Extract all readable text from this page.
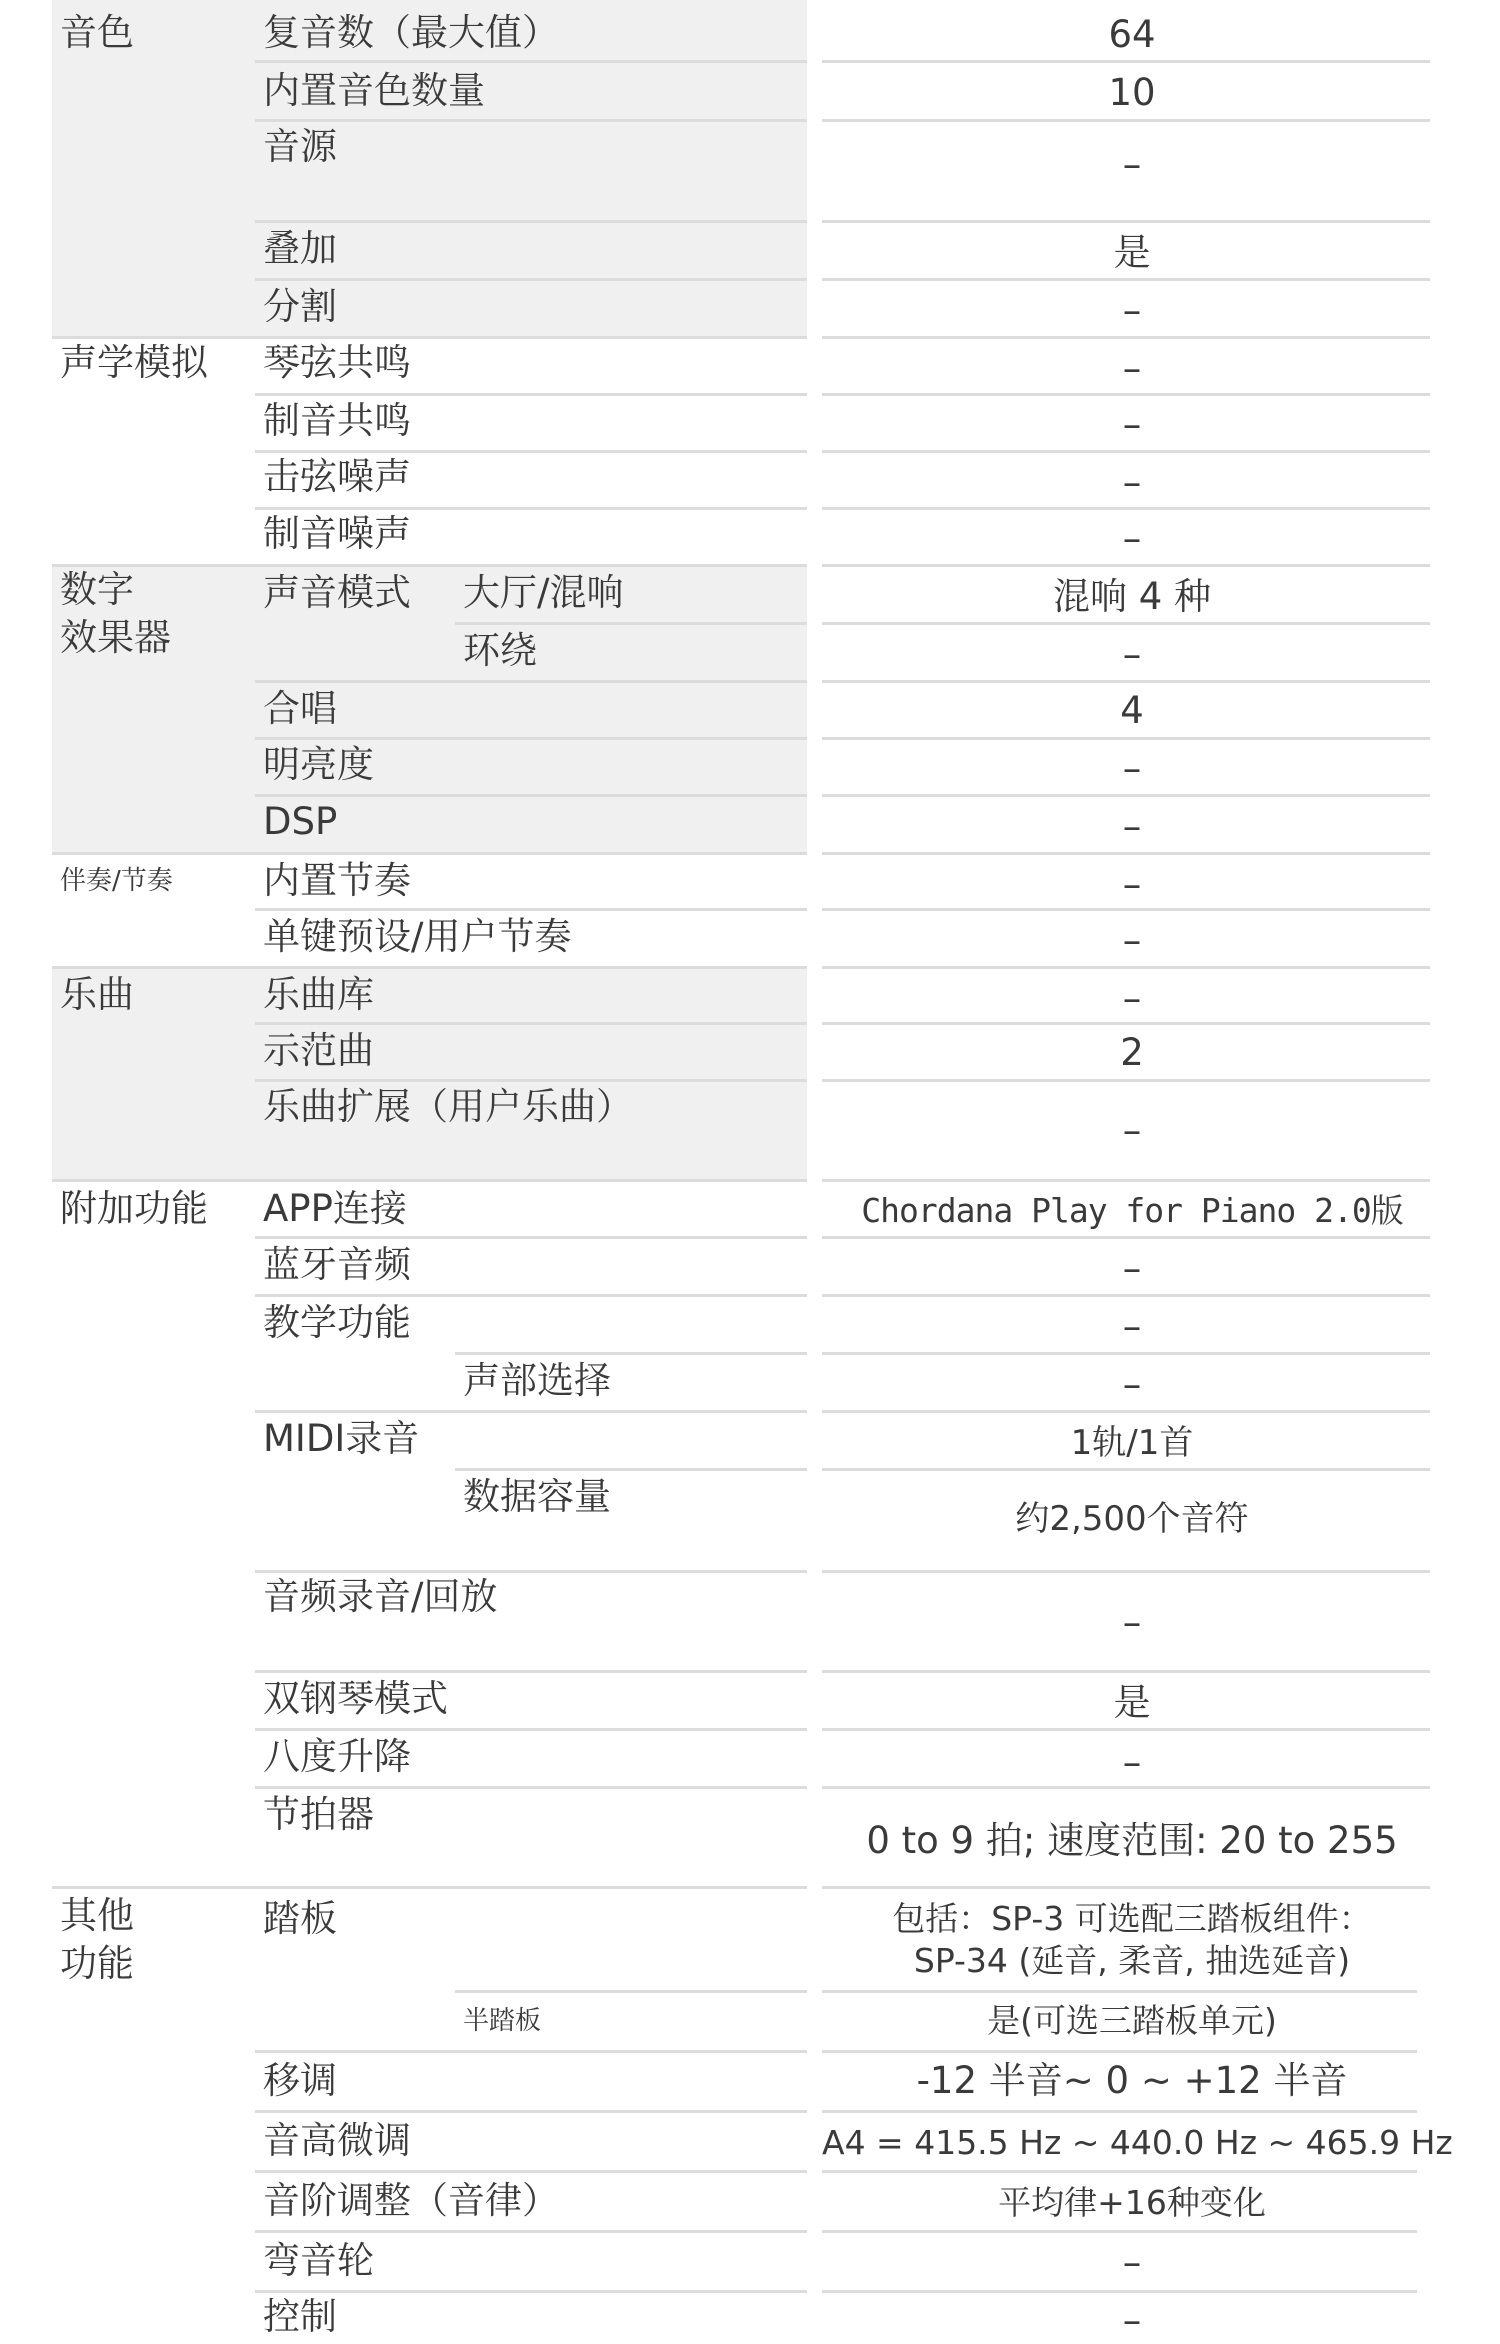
音色
声学模拟
数字
效果器
伴奏/节奏
乐曲
附加功能
其他
功能
复音数（最大值）
内置音色数量
音源
叠加
分割
琴弦共鸣
制音共鸣
击弦噪声
制音噪声
声音模式 大厅/混响
环绕
合唱
明亮度
DSP
内置节奏
单键预设/用户节奏
乐曲库
示范曲
乐曲扩展（用户乐曲）
APP连接
蓝牙音频
教学功能
声部选择
MIDI录音
数据容量
音频录音/回放
双钢琴模式
八度升降
节拍器
踏板
半踏板
移调
音高微调
音阶调整（音律）
弯音轮
控制
64
10
–
是
–
–
–
–
–
混响 4 种
–
4
–
–
–
–
–
2
–
Chordana Play for Piano 2.0版
–
–
–
1轨/1首
约2,500个音符
–
是
–
0 to 9 拍; 速度范围: 20 to 255
包括：SP-3 可选配三踏板组件：
SP-34 (延音, 柔音, 抽选延音)
是(可选三踏板单元)
-12 半音~ 0 ~ +12 半音
A4 = 415.5 Hz ~ 440.0 Hz ~ 465.9 Hz
平均律+16种变化
–
–
